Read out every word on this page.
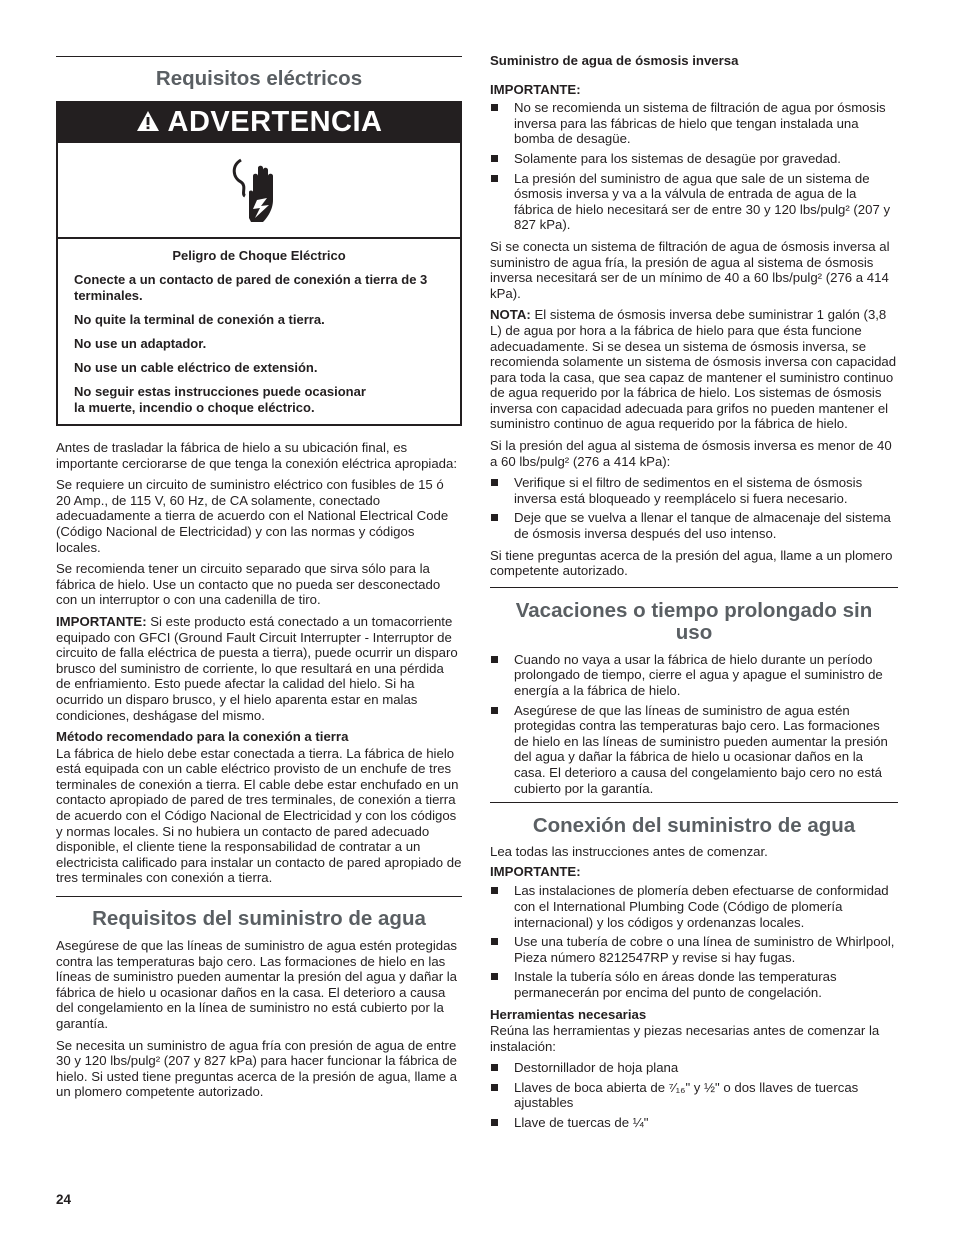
Requisitos eléctricos
ADVERTENCIA

Peligro de Choque Eléctrico

Conecte a un contacto de pared de conexión a tierra de 3 terminales.

No quite la terminal de conexión a tierra.

No use un adaptador.

No use un cable eléctrico de extensión.

No seguir estas instrucciones puede ocasionar
la muerte, incendio o choque eléctrico.

Antes de trasladar la fábrica de hielo a su ubicación final, es importante cerciorarse de que tenga la conexión eléctrica apropiada:

Se requiere un circuito de suministro eléctrico con fusibles de 15 ó 20 Amp., de 115 V, 60 Hz, de CA solamente, conectado adecuadamente a tierra de acuerdo con el National Electrical Code (Código Nacional de Electricidad) y con las normas y códigos locales.

Se recomienda tener un circuito separado que sirva sólo para la fábrica de hielo. Use un contacto que no pueda ser desconectado con un interruptor o con una cadenilla de tiro.

IMPORTANTE: Si este producto está conectado a un tomacorriente equipado con GFCI (Ground Fault Circuit Interrupter - Interruptor de circuito de falla eléctrica de puesta a tierra), puede ocurrir un disparo brusco del suministro de corriente, lo que resultará en una pérdida de enfriamiento. Esto puede afectar la calidad del hielo. Si ha ocurrido un disparo brusco, y el hielo aparenta estar en malas condiciones, deshágase del mismo.

Método recomendado para la conexión a tierra

La fábrica de hielo debe estar conectada a tierra. La fábrica de hielo está equipada con un cable eléctrico provisto de un enchufe de tres terminales de conexión a tierra. El cable debe estar enchufado en un contacto apropiado de pared de tres terminales, de conexión a tierra de acuerdo con el Código Nacional de Electricidad y con los códigos y normas locales. Si no hubiera un contacto de pared adecuado disponible, el cliente tiene la responsabilidad de contratar a un electricista calificado para instalar un contacto de pared apropiado de tres terminales con conexión a tierra.

Requisitos del suministro de agua

Asegúrese de que las líneas de suministro de agua estén protegidas contra las temperaturas bajo cero. Las formaciones de hielo en las líneas de suministro pueden aumentar la presión del agua y dañar la fábrica de hielo u ocasionar daños en la casa. El deterioro a causa del congelamiento en la línea de suministro no está cubierto por la garantía.

Se necesita un suministro de agua fría con presión de agua de entre 30 y 120 lbs/pulg² (207 y 827 kPa) para hacer funcionar la fábrica de hielo. Si usted tiene preguntas acerca de la presión de agua, llame a un plomero competente autorizado.

Suministro de agua de ósmosis inversa

IMPORTANTE:

No se recomienda un sistema de filtración de agua por ósmosis inversa para las fábricas de hielo que tengan instalada una bomba de desagüe.
Solamente para los sistemas de desagüe por gravedad.
La presión del suministro de agua que sale de un sistema de ósmosis inversa y va a la válvula de entrada de agua de la fábrica de hielo necesitará ser de entre 30 y 120 lbs/pulg² (207 y 827 kPa).

Si se conecta un sistema de filtración de agua de ósmosis inversa al suministro de agua fría, la presión de agua al sistema de ósmosis inversa necesitará ser de un mínimo de 40 a 60 lbs/pulg² (276 a 414 kPa).

NOTA: El sistema de ósmosis inversa debe suministrar 1 galón (3,8 L) de agua por hora a la fábrica de hielo para que ésta funcione adecuadamente. Si se desea un sistema de ósmosis inversa, se recomienda solamente un sistema de ósmosis inversa con capacidad para toda la casa, que sea capaz de mantener el suministro continuo de agua requerido por la fábrica de hielo. Los sistemas de ósmosis inversa con capacidad adecuada para grifos no pueden mantener el suministro continuo de agua requerido por la fábrica de hielo.

Si la presión del agua al sistema de ósmosis inversa es menor de 40 a 60 lbs/pulg² (276 a 414 kPa):

Verifique si el filtro de sedimentos en el sistema de ósmosis inversa está bloqueado y reemplácelo si fuera necesario.
Deje que se vuelva a llenar el tanque de almacenaje del sistema de ósmosis inversa después del uso intenso.

Si tiene preguntas acerca de la presión del agua, llame a un plomero competente autorizado.

Vacaciones o tiempo prolongado sin uso
Cuando no vaya a usar la fábrica de hielo durante un período prolongado de tiempo, cierre el agua y apague el suministro de energía a la fábrica de hielo.
Asegúrese de que las líneas de suministro de agua estén protegidas contra las temperaturas bajo cero. Las formaciones de hielo en las líneas de suministro pueden aumentar la presión del agua y dañar la fábrica de hielo u ocasionar daños en la casa. El deterioro a causa del congelamiento bajo cero no está cubierto por la garantía.
Conexión del suministro de agua

Lea todas las instrucciones antes de comenzar.

IMPORTANTE:

Las instalaciones de plomería deben efectuarse de conformidad con el International Plumbing Code (Código de plomería internacional) y los códigos y ordenanzas locales.
Use una tubería de cobre o una línea de suministro de Whirlpool, Pieza número 8212547RP y revise si hay fugas.
Instale la tubería sólo en áreas donde las temperaturas permanecerán por encima del punto de congelación.

Herramientas necesarias

Reúna las herramientas y piezas necesarias antes de comenzar la instalación:

Destornillador de hoja plana
Llaves de boca abierta de ⁷⁄₁₆" y ½" o dos llaves de tuercas ajustables
Llave de tuercas de ¼"
24
